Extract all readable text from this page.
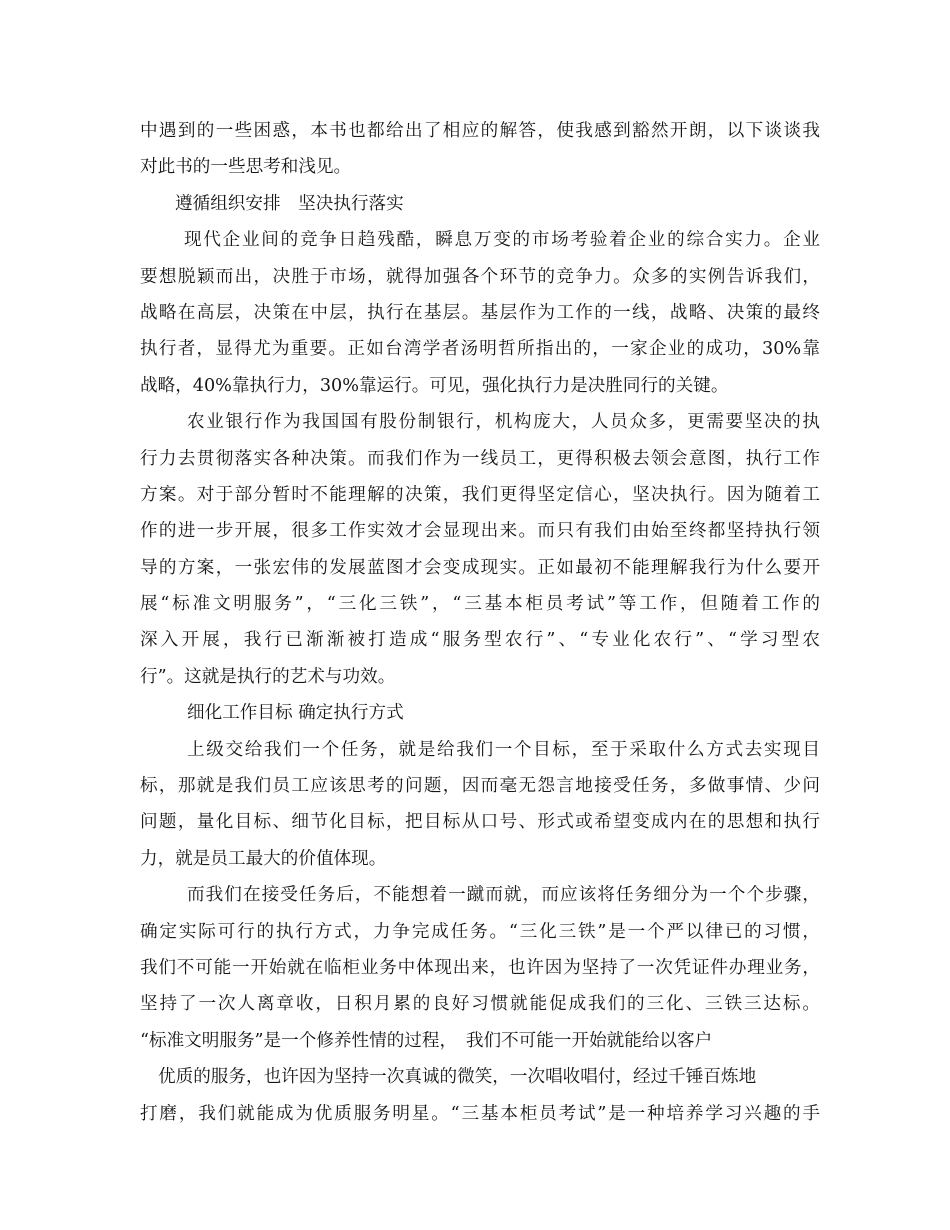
中遇到的一些困惑，本书也都给出了相应的解答，使我感到豁然开朗，以下谈谈我
对此书的一些思考和浅见。
遵循组织安排　坚决执行落实
现代企业间的竞争日趋残酷，瞬息万变的市场考验着企业的综合实力。企业
要想脱颖而出，决胜于市场，就得加强各个环节的竞争力。众多的实例告诉我们，
战略在高层，决策在中层，执行在基层。基层作为工作的一线，战略、决策的最终
执行者，显得尤为重要。正如台湾学者汤明哲所指出的，一家企业的成功，30%靠
战略，40%靠执行力，30%靠运行。可见，强化执行力是决胜同行的关键。
农业银行作为我国国有股份制银行，机构庞大，人员众多，更需要坚决的执
行力去贯彻落实各种决策。而我们作为一线员工，更得积极去领会意图，执行工作
方案。对于部分暂时不能理解的决策，我们更得坚定信心，坚决执行。因为随着工
作的进一步开展，很多工作实效才会显现出来。而只有我们由始至终都坚持执行领
导的方案，一张宏伟的发展蓝图才会变成现实。正如最初不能理解我行为什么要开
展“标准文明服务”，“三化三铁”，“三基本柜员考试”等工作，但随着工作的
深入开展，我行已渐渐被打造成“服务型农行”、“专业化农行”、“学习型农
行”。这就是执行的艺术与功效。
细化工作目标 确定执行方式
上级交给我们一个任务，就是给我们一个目标，至于采取什么方式去实现目
标，那就是我们员工应该思考的问题，因而毫无怨言地接受任务，多做事情、少问
问题，量化目标、细节化目标，把目标从口号、形式或希望变成内在的思想和执行
力，就是员工最大的价值体现。
而我们在接受任务后，不能想着一蹴而就，而应该将任务细分为一个个步骤，
确定实际可行的执行方式，力争完成任务。“三化三铁”是一个严以律已的习惯，
我们不可能一开始就在临柜业务中体现出来，也许因为坚持了一次凭证件办理业务，
坚持了一次人离章收，日积月累的良好习惯就能促成我们的三化、三铁三达标。
“标准文明服务”是一个修养性情的过程，　我们不可能一开始就能给以客户
优质的服务，也许因为坚持一次真诚的微笑，一次唱收唱付，经过千锤百炼地
打磨，我们就能成为优质服务明星。“三基本柜员考试”是一种培养学习兴趣的手
